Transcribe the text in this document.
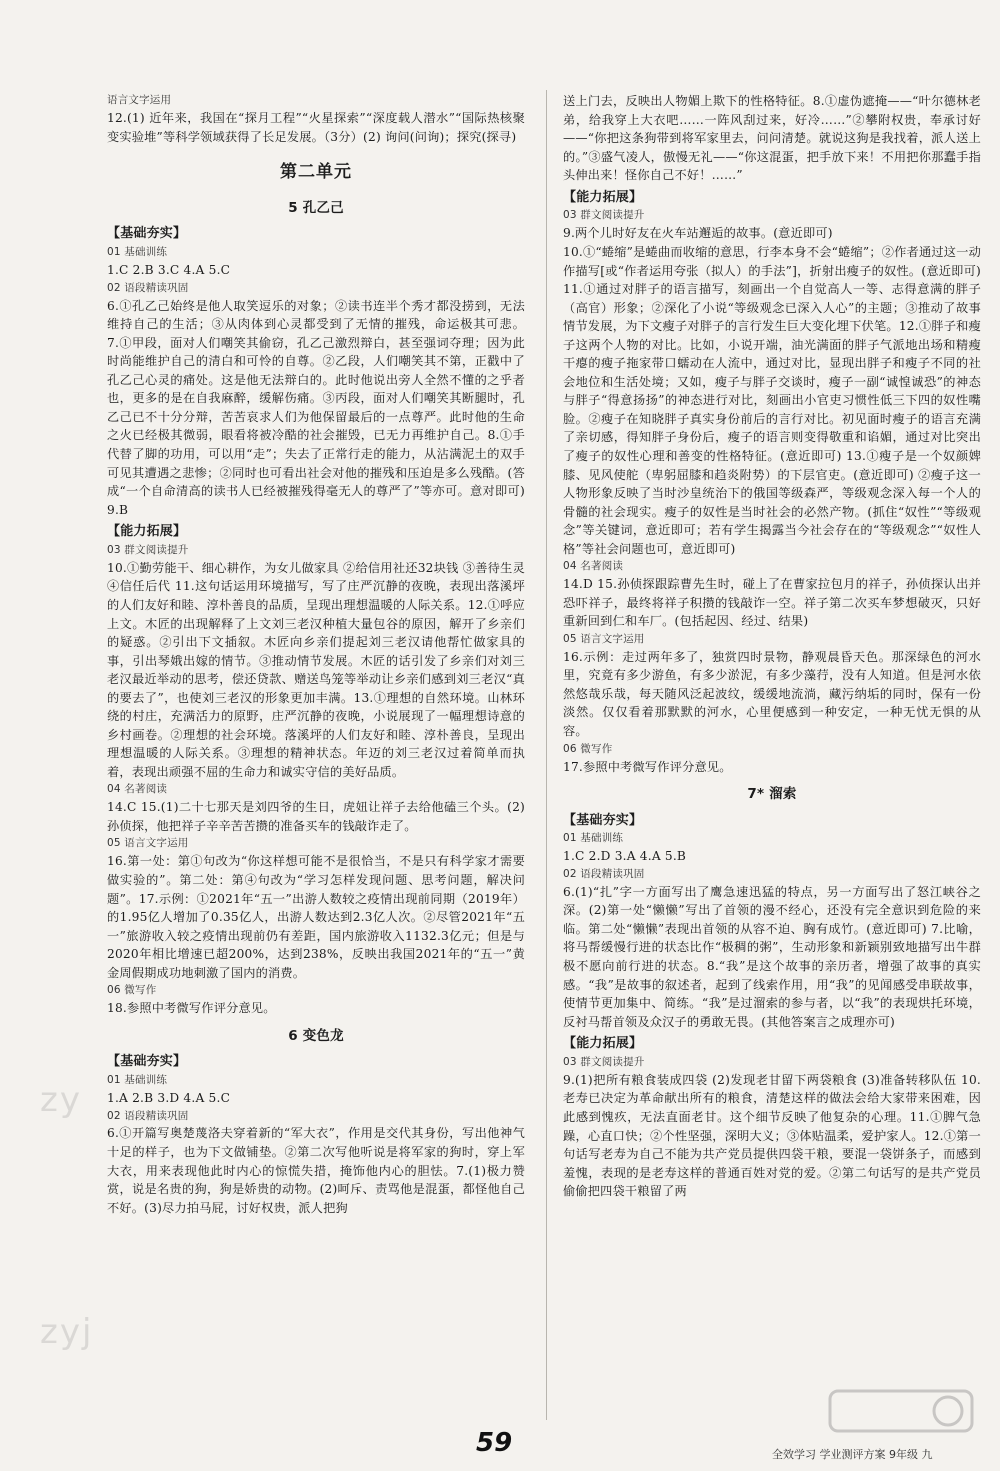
语言文字运用

12.(1) 近年来，我国在“探月工程”“火星探索”“深度载人潜水”“国际热核聚变实验堆”等科学领域获得了长足发展。（3分）(2) 询问(问询)；探究(探寻)

第二单元

5 孔乙己

【基础夯实】

01 基础训练

1.C 2.B 3.C 4.A 5.C

02 语段精读巩固

6.①孔乙己始终是他人取笑逗乐的对象；②读书连半个秀才都没捞到，无法维持自己的生活；③从肉体到心灵都受到了无情的摧残，命运极其可悲。7.①甲段，面对人们嘲笑其偷窃，孔乙己激烈辩白，甚至强词夺理；因为此时尚能维护自己的清白和可怜的自尊。②乙段，人们嘲笑其不第，正戳中了孔乙己心灵的痛处。这是他无法辩白的。此时他说出旁人全然不懂的之乎者也，更多的是在自我麻醉，缓解伤痛。③丙段，面对人们嘲笑其断腿时，孔乙己已不十分分辩，苦苦哀求人们为他保留最后的一点尊严。此时他的生命之火已经极其微弱，眼看将被冷酷的社会摧毁，已无力再维护自己。8.①手代替了脚的功用，可以用“走”；失去了正常行走的能力，从沾满泥土的双手可见其遭遇之悲惨；②同时也可看出社会对他的摧残和压迫是多么残酷。(答成“一个自命清高的读书人已经被摧残得毫无人的尊严了”等亦可。意对即可) 9.B

【能力拓展】

03 群文阅读提升

10.①勤劳能干、细心耕作，为女儿做家具 ②给信用社还32块钱 ③善待生灵 ④信任后代 11.这句话运用环境描写，写了庄严沉静的夜晚，表现出落溪坪的人们友好和睦、淳朴善良的品质，呈现出理想温暖的人际关系。12.①呼应上文。木匠的出现解释了上文刘三老汉种植大量包谷的原因，解开了乡亲们的疑惑。②引出下文插叙。木匠向乡亲们提起刘三老汉请他帮忙做家具的事，引出琴娥出嫁的情节。③推动情节发展。木匠的话引发了乡亲们对刘三老汉最近举动的思考，偿还贷款、赠送鸟笼等举动让乡亲们感到刘三老汉“真的要去了”，也使刘三老汉的形象更加丰满。13.①理想的自然环境。山林环绕的村庄，充满活力的原野，庄严沉静的夜晚，小说展现了一幅理想诗意的乡村画卷。②理想的社会环境。落溪坪的人们友好和睦、淳朴善良，呈现出理想温暖的人际关系。③理想的精神状态。年迈的刘三老汉过着简单而执着，表现出顽强不屈的生命力和诚实守信的美好品质。

04 名著阅读

14.C 15.(1)二十七那天是刘四爷的生日，虎妞让祥子去给他磕三个头。(2)孙侦探，他把祥子辛辛苦苦攒的准备买车的钱敲诈走了。

05 语言文字运用

16.第一处：第①句改为“你这样想可能不是很恰当，不是只有科学家才需要做实验的”。第二处：第④句改为“学习怎样发现问题、思考问题，解决问题”。17.示例：①2021年“五一”出游人数较之疫情出现前同期（2019年）的1.95亿人增加了0.35亿人，出游人数达到2.3亿人次。②尽管2021年“五一”旅游收入较之疫情出现前仍有差距，国内旅游收入1132.3亿元；但是与2020年相比增速已超200%，达到238%，反映出我国2021年的“五一”黄金周假期成功地刺激了国内的消费。

06 微写作

18.参照中考微写作评分意见。

6 变色龙

【基础夯实】

01 基础训练

1.A 2.B 3.D 4.A 5.C

02 语段精读巩固

6.①开篇写奥楚蔑洛夫穿着新的“军大衣”，作用是交代其身份，写出他神气十足的样子，也为下文做铺垫。②第二次写他听说是将军家的狗时，穿上军大衣，用来表现他此时内心的惊慌失措，掩饰他内心的胆怯。7.(1)极力赞赏，说是名贵的狗，狗是娇贵的动物。(2)呵斥、责骂他是混蛋，都怪他自己不好。(3)尽力拍马屁，讨好权贵，派人把狗

送上门去，反映出人物媚上欺下的性格特征。8.①虚伪遮掩——“叶尔德林老弟，给我穿上大衣吧……一阵风刮过来，好冷……”②攀附权贵，奉承讨好——“你把这条狗带到将军家里去，问问清楚。就说这狗是我找着，派人送上的。”③盛气凌人，傲慢无礼——“你这混蛋，把手放下来！不用把你那蠢手指头伸出来！怪你自己不好！……”

【能力拓展】

03 群文阅读提升

9.两个儿时好友在火车站邂逅的故事。(意近即可)

10.①“蜷缩”是蜷曲而收缩的意思，行李本身不会“蜷缩”；②作者通过这一动作描写[或“作者运用夸张（拟人）的手法”]，折射出瘦子的奴性。(意近即可) 11.①通过对胖子的语言描写，刻画出一个自觉高人一等、志得意满的胖子（高官）形象；②深化了小说“等级观念已深入人心”的主题；③推动了故事情节发展，为下文瘦子对胖子的言行发生巨大变化埋下伏笔。12.①胖子和瘦子这两个人物的对比。比如，小说开端，油光满面的胖子气派地出场和精瘦干瘪的瘦子拖家带口蠕动在人流中，通过对比，显现出胖子和瘦子不同的社会地位和生活处境；又如，瘦子与胖子交谈时，瘦子一副“诚惶诚恐”的神态与胖子“得意扬扬”的神态进行对比，刻画出小官吏习惯性低三下四的奴性嘴脸。②瘦子在知晓胖子真实身份前后的言行对比。初见面时瘦子的语言充满了亲切感，得知胖子身份后，瘦子的语言则变得敬重和谄媚，通过对比突出了瘦子的奴性心理和善变的性格特征。(意近即可) 13.①瘦子是一个奴颜婢膝、见风使舵（卑躬屈膝和趋炎附势）的下层官吏。(意近即可) ②瘦子这一人物形象反映了当时沙皇统治下的俄国等级森严，等级观念深入每一个人的骨髓的社会现实。瘦子的奴性是当时社会的必然产物。(抓住“奴性”“等级观念”等关键词，意近即可；若有学生揭露当今社会存在的“等级观念”“奴性人格”等社会问题也可，意近即可)

04 名著阅读

14.D 15.孙侦探跟踪曹先生时，碰上了在曹家拉包月的祥子，孙侦探认出并恐吓祥子，最终将祥子积攒的钱敲诈一空。祥子第二次买车梦想破灭，只好重新回到仁和车厂。(包括起因、经过、结果)

05 语言文字运用

16.示例：走过两年多了，独赏四时景物，静观晨昏天色。那深绿色的河水里，究竟有多少游鱼，有多少淤泥，有多少藻荇，没有人知道。但是河水依然悠哉乐哉，每天随风泛起波纹，缓缓地流淌，藏污纳垢的同时，保有一份淡然。仅仅看着那默默的河水，心里便感到一种安定，一种无忧无惧的从容。

06 微写作

17.参照中考微写作评分意见。

7* 溜索

【基础夯实】

01 基础训练

1.C 2.D 3.A 4.A 5.B

02 语段精读巩固

6.(1)“扎”字一方面写出了鹰急速迅猛的特点，另一方面写出了怒江峡谷之深。(2)第一处“懒懒”写出了首领的漫不经心，还没有完全意识到危险的来临。第二处“懒懒”表现出首领的从容不迫、胸有成竹。(意近即可) 7.比喻，将马帮缓慢行进的状态比作“极稠的粥”，生动形象和新颖别致地描写出牛群极不愿向前行进的状态。8.“我”是这个故事的亲历者，增强了故事的真实感。“我”是故事的叙述者，起到了线索作用，用“我”的见闻感受串联故事，使情节更加集中、简练。“我”是过溜索的参与者，以“我”的表现烘托环境，反衬马帮首领及众汉子的勇敢无畏。(其他答案言之成理亦可)

【能力拓展】

03 群文阅读提升

9.(1)把所有粮食装成四袋 (2)发现老甘留下两袋粮食 (3)准备转移队伍 10.老寿已决定为革命献出所有的粮食，清楚这样的做法会给大家带来困难，因此感到愧疚，无法直面老甘。这个细节反映了他复杂的心理。11.①脾气急躁，心直口快；②个性坚强，深明大义；③体贴温柔，爱护家人。12.①第一句话写老寿为自己不能为共产党员提供四袋干粮，要混一袋饼条子，而感到羞愧，表现的是老寿这样的普通百姓对党的爱。②第二句话写的是共产党员偷偷把四袋干粮留了两

zy
zyj
59	全效学习 学业测评方案 9年级 九
